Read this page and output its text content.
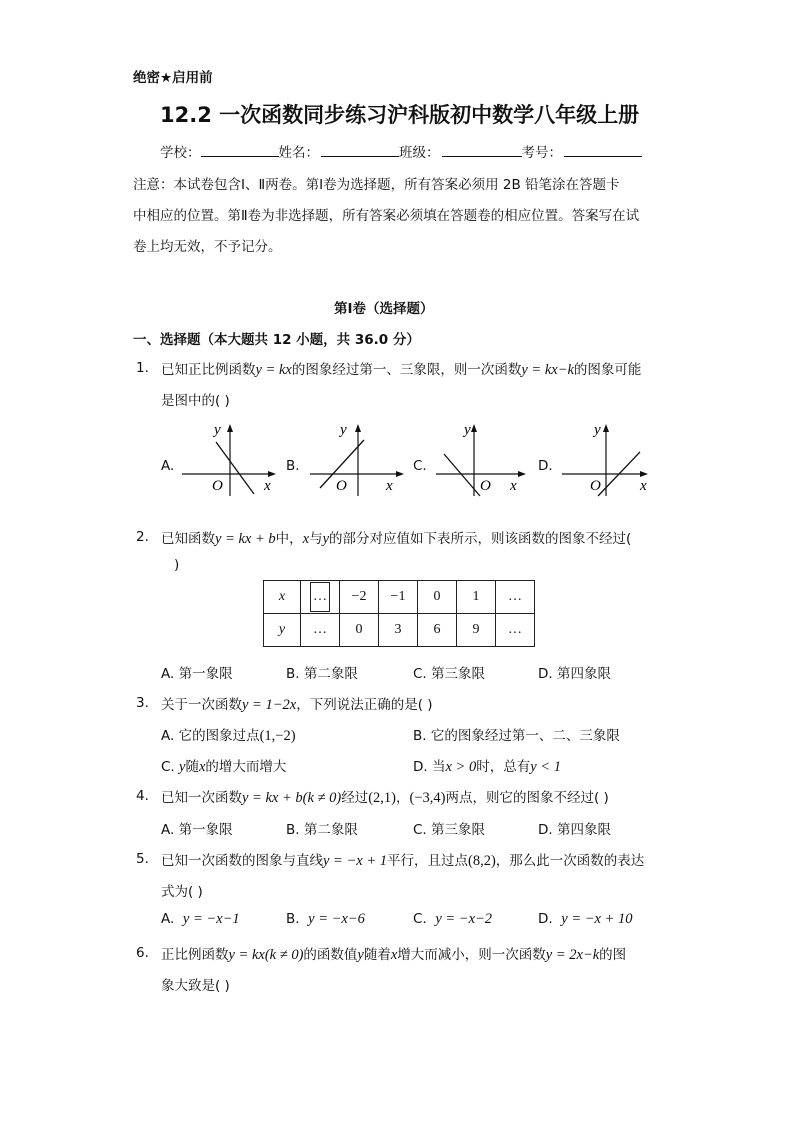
绝密★启用前
12.2 一次函数同步练习沪科版初中数学八年级上册
学校：	姓名：	班级：	考号：
注意：本试卷包含Ⅰ、Ⅱ两卷。第Ⅰ卷为选择题，所有答案必须用 2B 铅笔涂在答题卡
中相应的位置。第Ⅱ卷为非选择题，所有答案必须填在答题卷的相应位置。答案写在试
卷上均无效，不予记分。
第Ⅰ卷（选择题）
一、选择题（本大题共 12 小题，共 36.0 分）
1. 已知正比例函数y = kx的图象经过第一、三象限，则一次函数y = kx−k的图象可能
是图中的( )
A.	B.	C.	D.
y
x
O
y
x
O
y
x
O
y
x
O
2. 已知函数y = kx + b中，x与y的部分对应值如下表所示，则该函数的图象不经过(
)
x	…	−2	−1	0	1	…
y	…	0	3	6	9	…
A. 第一象限	B. 第二象限	C. 第三象限	D. 第四象限
3. 关于一次函数y = 1−2x，下列说法正确的是( )
A. 它的图象过点(1,−2)	B. 它的图象经过第一、二、三象限
C. y随x的增大而增大	D. 当x > 0时，总有y < 1
4. 已知一次函数y = kx + b(k ≠ 0)经过(2,1)，(−3,4)两点，则它的图象不经过( )
A. 第一象限	B. 第二象限	C. 第三象限	D. 第四象限
5. 已知一次函数的图象与直线y = −x + 1平行，且过点(8,2)，那么此一次函数的表达
式为( )
A. y = −x−1	B. y = −x−6	C. y = −x−2	D. y = −x + 10
6. 正比例函数y = kx(k ≠ 0)的函数值y随着x增大而减小，则一次函数y = 2x−k的图
象大致是( )
